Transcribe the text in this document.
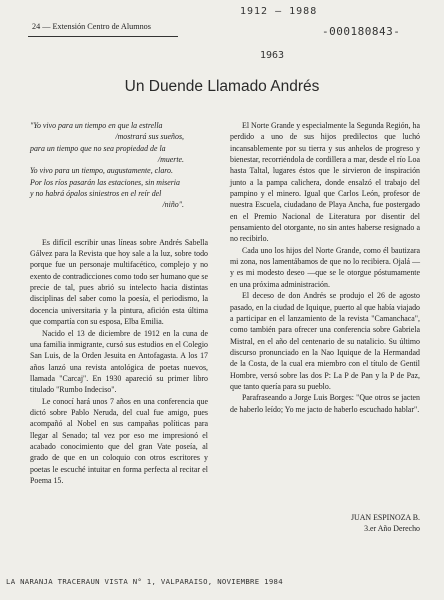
24 — Extensión Centro de Alumnos
1912 – 1988
-000180843-
1963
Un Duende Llamado Andrés
"Yo vivo para un tiempo en que la estrella
/mostrará sus sueños,
para un tiempo que no sea propiedad de la
/muerte.
Yo vivo para un tiempo, augustamente, claro.
Por los ríos pasarán las estaciones, sin miseria
y no habrá ópalos siniestros en el reír del
/niño".

Es difícil escribir unas líneas sobre Andrés Sabella Gálvez para la Revista que hoy sale a la luz, sobre todo porque fue un personaje multifacético, complejo y no exento de contradicciones como todo ser humano que se precie de tal, pues abrió su intelecto hacia distintas disciplinas del saber como la poesía, el periodismo, la docencia universitaria y la pintura, afición esta última que compartía con su esposa, Elba Emilia.

Nacido el 13 de diciembre de 1912 en la cuna de una familia inmigrante, cursó sus estudios en el Colegio San Luis, de la Orden Jesuita en Antofagasta. A los 17 años lanzó una revista antológica de poetas nuevos, llamada "Carcaj". En 1930 apareció su primer libro titulado "Rumbo Indeciso".

Le conocí hará unos 7 años en una conferencia que dictó sobre Pablo Neruda, del cual fue amigo, pues acompañó al Nobel en sus campañas políticas para llegar al Senado; tal vez por eso me impresionó el acabado conocimiento que del gran Vate poseía, al grado de que en un coloquio con otros escritores y poetas le escuché intuitar en forma perfecta al recitar el Poema 15.

El Norte Grande y especialmente la Segunda Región, ha perdido a uno de sus hijos predilectos que luchó incansablemente por su tierra y sus anhelos de progreso y bienestar, recorriéndola de cordillera a mar, desde el río Loa hasta Taltal, lugares éstos que le sirvieron de inspiración junto a la pampa calichera, donde ensalzó el trabajo del pampino y el minero. Igual que Carlos León, profesor de nuestra Escuela, ciudadano de Playa Ancha, fue postergado en el Premio Nacional de Literatura por disentir del pensamiento del otorgante, no sin antes haberse resignado a no recibirlo.

Cada uno los hijos del Norte Grande, como él bautizara mi zona, nos lamentábamos de que no lo recibiera. Ojalá —y es mi modesto deseo —que se le otorgue póstumamente en una próxima administración.

El deceso de don Andrés se produjo el 26 de agosto pasado, en la ciudad de Iquique, puerto al que había viajado a participar en el lanzamiento de la revista "Camanchaca", como también para ofrecer una conferencia sobre Gabriela Mistral, en el año del centenario de su natalicio. Su último discurso pronunciado en la Nao Iquique de la Hermandad de la Costa, de la cual era miembro con el título de Gentil Hombre, versó sobre las dos P: La P de Pan y la P de Paz, que tanto quería para su pueblo.

Parafraseando a Jorge Luis Borges: "Que otros se jacten de haberlo leído; Yo me jacto de haberlo escuchado hablar".

JUAN ESPINOZA B.
3.er Año Derecho
LA NARANJA TRACERAUN VISTA N° 1, VALPARAISO, NOVIEMBRE 1984
